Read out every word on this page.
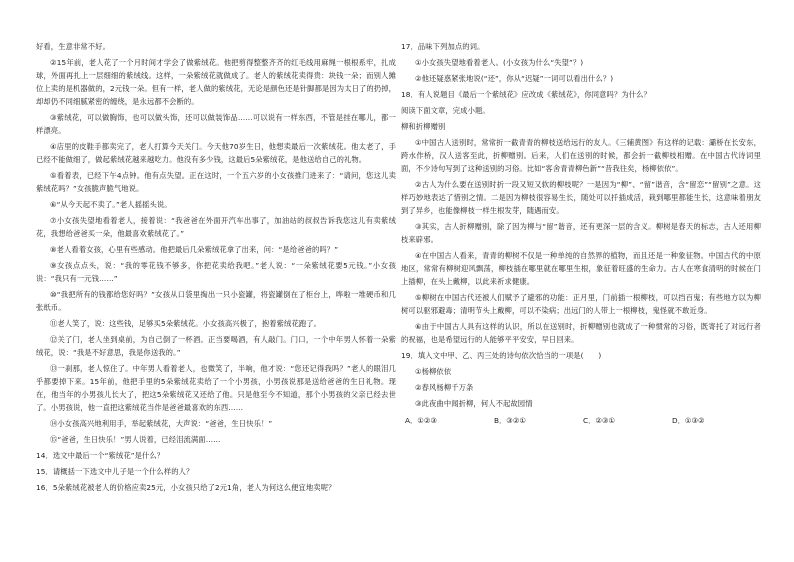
好看，生意非常不好。

②15年前，老人花了一个月时间才学会了做紫绒花。他把剪得整整齐齐的红毛线用麻绳一根根系牢，扎成球，外面再扎上一层细细的紫绒线。这样，一朵紫绒花就做成了。老人的紫绒花卖得贵：块钱一朵；而别人摊位上卖的是机器做的，2元钱一朵。但有一样，老人做的紫绒花，无论是颜色还是针脚都是因为太日了的扔掉，却却仍不同细腻紧密的缠绕，是永远都不会断的。

③紫绒花，可以做胸饰，也可以做头饰，还可以做装饰品……可以说有一样东西，不管是挂在哪儿，都一样漂亮。

④店里的皮鞋手都卖完了，老人打算今天关门。今天他70岁生日，他想卖最后一次紫绒花。他太老了，手已经不能做细了，做起紫绒花越来越吃力。他没有多少钱，这最后5朵紫绒花，是他送给自己的礼物。

⑤看着表，已经下午4点钟。他有点失望。正在这时，一个五六岁的小女孩推门进来了：“请问，您这儿卖紫绒花吗？”女孩脆声脆气地说。

⑥“从今天起不卖了。”老人摇摇头说。

⑦小女孩失望地看着老人，接着说：“我爸爸在外面开汽车出事了，加油站的叔叔告诉我您这儿有卖紫绒花，我想给爸爸买一朵，他最喜欢紫绒花了。”

⑧老人看着女孩，心里有些感动。他把最后几朵紫绒花拿了出来，问：“是给爸爸的吗？”

⑨女孩点点头，说：“我的零花钱不够多，你把花卖给我吧。”老人说：“一朵紫绒花要5元钱。”小女孩说：“我只有一元钱……”

⑩“我把所有的钱都给您好吗？”女孩从口袋里掏出一只小瓷罐，将瓷罐倒在了柜台上，哗啦一堆硬币和几张纸币。

⑪老人笑了，说：这些钱，足够买5朵紫绒花。小女孩高兴极了，抱着紫绒花跑了。

⑫关了门，老人坐到桌前，为自己倒了一杯酒。正当要喝酒，有人敲门。门口，一个中年男人怀着一朵紫绒花，说：“我是不好意思，我是你送我的。”

⑬一刹那，老人惊住了。中年男人看着老人，也微笑了，半响，他才说：“您还记得我吗？”老人的眼泪几乎都要掉下来。15年前，他把手里的5朵紫绒花卖给了一个小男孩，小男孩说那是送给爸爸的生日礼物。现在，他当年的小男孩儿长大了，把这5朵紫绒花又还给了他。只是他至今不知道，那个小男孩的父亲已经去世了。小男孩说，他一直把这紫绒花当作是爸爸最喜欢的东西……

⑭小女孩高兴地利用手，举起紫绒花，大声说：“爸爸，生日快乐！”

⑮“爸爸，生日快乐！”男人说着，已经泪流满面……

14．选文中最后一个“紫绒花”是什么？

15．请概括一下选文中儿子是一个什么样的人？

16．5朵紫绒花被老人的价格应卖25元，小女孩只给了2元1角，老人为何这么便宜地卖呢？

17．品味下列加点的词。

①小女孩失望地看着老人。(小女孩为什么“失望”？)

②他还疑惑紧张地说(“还”，你从“迟疑”一词可以看出什么？)

18．有人说题目《最后一个紫绒花》应改成《紫绒花》，你同意吗？为什么？

阅读下面文章，完成小题。

柳和折柳赠别

①中国古人送别时，常常折一截青青的柳枝送给远行的友人。《三辅黄图》有这样的记载：灞桥在长安东，跨水作桥，汉人送客至此，折柳赠别。后来，人们在送别的时候，都会折一截柳枝相赠。在中国古代诗词里面，不少诗句写到了这种送别的习俗。比如“客舍青青柳色新”“昔我往矣，杨柳依依”。

②古人为什么要在送别时折一段又短又软的柳枝呢？一是因为“柳”、“留”谐音，含“留恋”“留别”之意。这样巧妙地表达了惜别之情。二是因为柳枝很容易生长，随处可以扦插成活，栽到哪里都能生长，这意味着朋友到了异乡，也能像柳枝一样生根发芽，随遇而安。

③其实，古人折柳赠别，除了因为柳与“留”谐音，还有更深一层的含义。柳树是春天的标志，古人还用柳枝来辟邪。

④在中国古人看来，青青的柳树不仅是一种单纯的自然界的植物，而且还是一种象征物。中国古代的中原地区，常常有柳树迎风飘荡，柳枝插在哪里就在哪里生根，象征着旺盛的生命力。古人在寒食清明的时候在门上插柳，在头上戴柳，以此来祈求健康。

⑤柳树在中国古代还被人们赋予了避邪的功能：正月里，门前插一根柳枝，可以挡百鬼；有些地方以为柳树可以驱邪避毒；清明节头上戴柳，可以不染病；出远门的人带上一根柳枝，鬼怪就不敢近身。

⑥由于中国古人具有这样的认识，所以在送别时，折柳赠别也就成了一种惯常的习俗，既寄托了对远行者的祝福，也是希望远行的人能够平平安安，早日回来。

19．填入文中甲、乙、丙三处的诗句依次恰当的一项是(　　)

①杨柳依依

②春风杨柳千万条

③此夜曲中闻折柳，何人不起故园情

A．①②③	B．③②①	C．②③①	D．①③②
